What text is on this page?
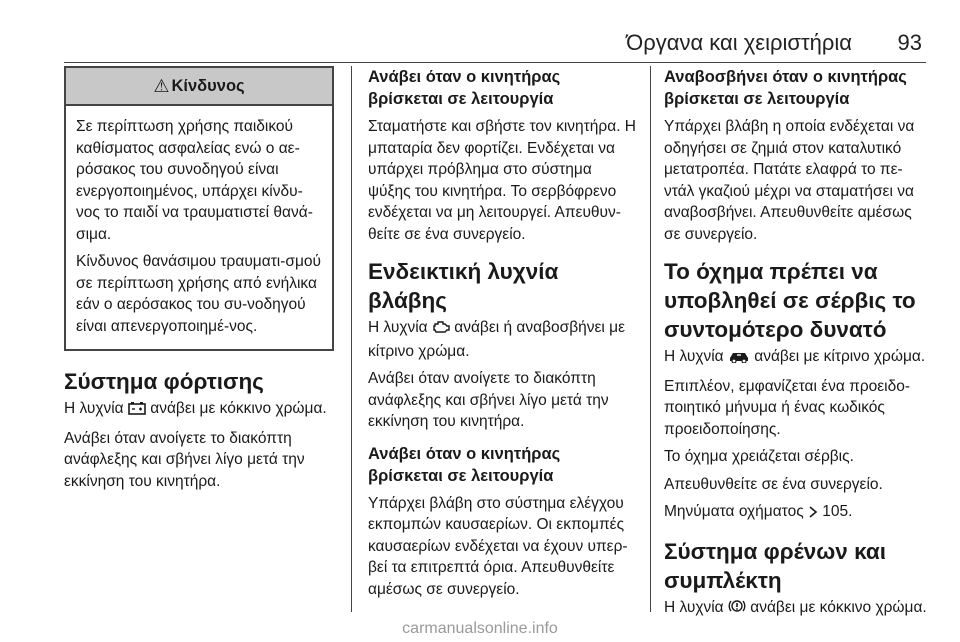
Όργανα και χειριστήρια 93
⚠ Κίνδυνος

Σε περίπτωση χρήσης παιδικού καθίσματος ασφαλείας ενώ ο αε-ρόσακος του συνοδηγού είναι ενεργοποιημένος, υπάρχει κίνδυ-νος το παιδί να τραυματιστεί θανά-σιμα.

Κίνδυνος θανάσιμου τραυματι-σμού σε περίπτωση χρήσης από ενήλικα εάν ο αερόσακος του συ-νοδηγού είναι απενεργοποιημέ-νος.

Σύστημα φόρτισης

Η λυχνία  ανάβει με κόκκινο χρώμα.

Ανάβει όταν ανοίγετε το διακόπτη ανάφλεξης και σβήνει λίγο μετά την εκκίνηση του κινητήρα.

Ανάβει όταν ο κινητήρας βρίσκεται σε λειτουργία

Σταματήστε και σβήστε τον κινητήρα. Η μπαταρία δεν φορτίζει. Ενδέχεται να υπάρχει πρόβλημα στο σύστημα ψύξης του κινητήρα. Το σερβόφρενο ενδέχεται να μη λειτουργεί. Απευθυν-θείτε σε ένα συνεργείο.

Ενδεικτική λυχνία βλάβης

Η λυχνία  ανάβει ή αναβοσβήνει με κίτρινο χρώμα.

Ανάβει όταν ανοίγετε το διακόπτη ανάφλεξης και σβήνει λίγο μετά την εκκίνηση του κινητήρα.

Ανάβει όταν ο κινητήρας βρίσκεται σε λειτουργία

Υπάρχει βλάβη στο σύστημα ελέγχου εκπομπών καυσαερίων. Οι εκπομπές καυσαερίων ενδέχεται να έχουν υπερ-βεί τα επιτρεπτά όρια. Απευθυνθείτε αμέσως σε συνεργείο.

Αναβοσβήνει όταν ο κινητήρας βρίσκεται σε λειτουργία

Υπάρχει βλάβη η οποία ενδέχεται να οδηγήσει σε ζημιά στον καταλυτικό μετατροπέα. Πατάτε ελαφρά το πε-ντάλ γκαζιού μέχρι να σταματήσει να αναβοσβήνει. Απευθυνθείτε αμέσως σε συνεργείο.

Το όχημα πρέπει να υποβληθεί σε σέρβις το συντομότερο δυνατό

Η λυχνία  ανάβει με κίτρινο χρώμα.

Επιπλέον, εμφανίζεται ένα προειδο-ποιητικό μήνυμα ή ένας κωδικός προειδοποίησης.

Το όχημα χρειάζεται σέρβις.

Απευθυνθείτε σε ένα συνεργείο.

Μηνύματα οχήματος  105.

Σύστημα φρένων και συμπλέκτη

Η λυχνία  ανάβει με κόκκινο χρώμα.

carmanualsonline.info
